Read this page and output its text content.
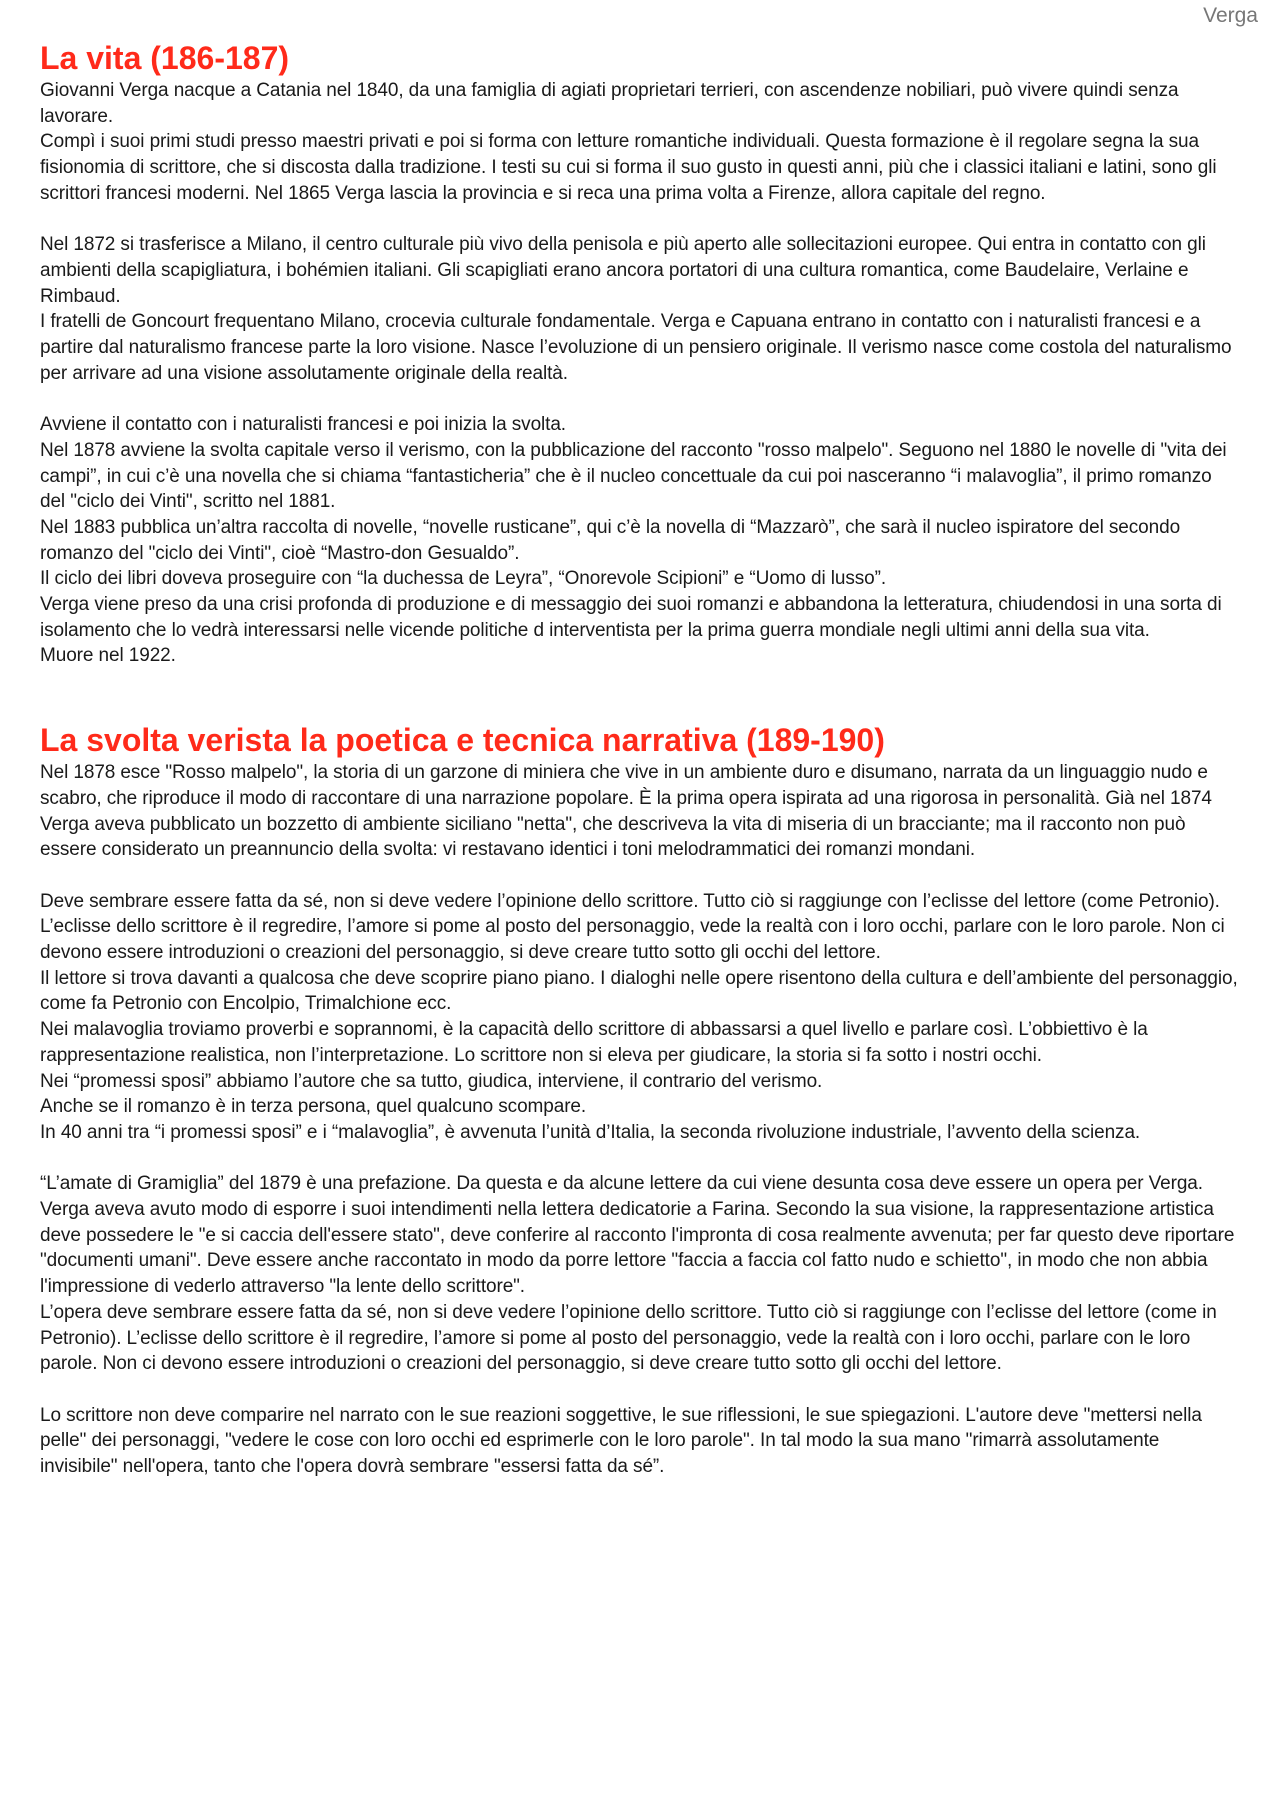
Verga
La vita (186-187)

Giovanni Verga nacque a Catania nel 1840, da una famiglia di agiati proprietari terrieri, con ascendenze nobiliari, può vivere quindi senza lavorare.

Compì i suoi primi studi presso maestri privati e poi si forma con letture romantiche individuali. Questa formazione è il regolare segna la sua fisionomia di scrittore, che si discosta dalla tradizione. I testi su cui si forma il suo gusto in questi anni, più che i classici italiani e latini, sono gli scrittori francesi moderni. Nel 1865 Verga lascia la provincia e si reca una prima volta a Firenze, allora capitale del regno.

Nel 1872 si trasferisce a Milano, il centro culturale più vivo della penisola e più aperto alle sollecitazioni europee. Qui entra in contatto con gli ambienti della scapigliatura, i bohémien italiani. Gli scapigliati erano ancora portatori di una cultura romantica, come Baudelaire, Verlaine e Rimbaud.

I fratelli de Goncourt frequentano Milano, crocevia culturale fondamentale. Verga e Capuana entrano in contatto con i naturalisti francesi e a partire dal naturalismo francese parte la loro visione. Nasce l’evoluzione di un pensiero originale. Il verismo nasce come costola del naturalismo per arrivare ad una visione assolutamente originale della realtà.

Avviene il contatto con i naturalisti francesi e poi inizia la svolta.

Nel 1878 avviene la svolta capitale verso il verismo, con la pubblicazione del racconto "rosso malpelo". Seguono nel 1880 le novelle di "vita dei campi”, in cui c’è una novella che si chiama “fantasticheria” che è il nucleo concettuale da cui poi nasceranno “i malavoglia”, il primo romanzo del "ciclo dei Vinti", scritto nel 1881.

Nel 1883 pubblica un’altra raccolta di novelle, “novelle rusticane”, qui c’è la novella di “Mazzarò”, che sarà il nucleo ispiratore del secondo romanzo del "ciclo dei Vinti", cioè “Mastro-don Gesualdo”.

Il ciclo dei libri doveva proseguire con “la duchessa de Leyra”, “Onorevole Scipioni” e “Uomo di lusso”.

Verga viene preso da una crisi profonda di produzione e di messaggio dei suoi romanzi e abbandona la letteratura, chiudendosi in una sorta di isolamento che lo vedrà interessarsi nelle vicende politiche d interventista per la prima guerra mondiale negli ultimi anni della sua vita.

Muore nel 1922.

La svolta verista la poetica e tecnica narrativa (189-190)

Nel 1878 esce "Rosso malpelo", la storia di un garzone di miniera che vive in un ambiente duro e disumano, narrata da un linguaggio nudo e scabro, che riproduce il modo di raccontare di una narrazione popolare. È la prima opera ispirata ad una rigorosa in personalità. Già nel 1874 Verga aveva pubblicato un bozzetto di ambiente siciliano "netta", che descriveva la vita di miseria di un bracciante; ma il racconto non può essere considerato un preannuncio della svolta: vi restavano identici i toni melodrammatici dei romanzi mondani.

Deve sembrare essere fatta da sé, non si deve vedere l’opinione dello scrittore. Tutto ciò si raggiunge con l’eclisse del lettore (come Petronio). L’eclisse dello scrittore è il regredire, l’amore si pome al posto del personaggio, vede la realtà con i loro occhi, parlare con le loro parole. Non ci devono essere introduzioni o creazioni del personaggio, si deve creare tutto sotto gli occhi del lettore.

Il lettore si trova davanti a qualcosa che deve scoprire piano piano. I dialoghi nelle opere risentono della cultura e dell’ambiente del personaggio, come fa Petronio con Encolpio, Trimalchione ecc.

Nei malavoglia troviamo proverbi e soprannomi, è la capacità dello scrittore di abbassarsi a quel livello e parlare così. L’obbiettivo è la rappresentazione realistica, non l’interpretazione. Lo scrittore non si eleva per giudicare, la storia si fa sotto i nostri occhi.

Nei “promessi sposi” abbiamo l’autore che sa tutto, giudica, interviene, il contrario del verismo.

Anche se il romanzo è in terza persona, quel qualcuno scompare.

In 40 anni tra “i promessi sposi” e i “malavoglia”, è avvenuta l’unità d’Italia, la seconda rivoluzione industriale, l’avvento della scienza.

“L’amate di Gramiglia” del 1879 è una prefazione. Da questa e da alcune lettere da cui viene desunta cosa deve essere un opera per Verga.

Verga aveva avuto modo di esporre i suoi intendimenti nella lettera dedicatorie a Farina. Secondo la sua visione, la rappresentazione artistica deve possedere le "e si caccia dell'essere stato", deve conferire al racconto l'impronta di cosa realmente avvenuta; per far questo deve riportare "documenti umani". Deve essere anche raccontato in modo da porre lettore "faccia a faccia col fatto nudo e schietto", in modo che non abbia l'impressione di vederlo attraverso "la lente dello scrittore".

L’opera deve sembrare essere fatta da sé, non si deve vedere l’opinione dello scrittore. Tutto ciò si raggiunge con l’eclisse del lettore (come in Petronio). L’eclisse dello scrittore è il regredire, l’amore si pome al posto del personaggio, vede la realtà con i loro occhi, parlare con le loro parole. Non ci devono essere introduzioni o creazioni del personaggio, si deve creare tutto sotto gli occhi del lettore.

Lo scrittore non deve comparire nel narrato con le sue reazioni soggettive, le sue riflessioni, le sue spiegazioni. L'autore deve "mettersi nella pelle" dei personaggi, "vedere le cose con loro occhi ed esprimerle con le loro parole". In tal modo la sua mano "rimarrà assolutamente invisibile" nell'opera, tanto che l'opera dovrà sembrare "essersi fatta da sé”.
